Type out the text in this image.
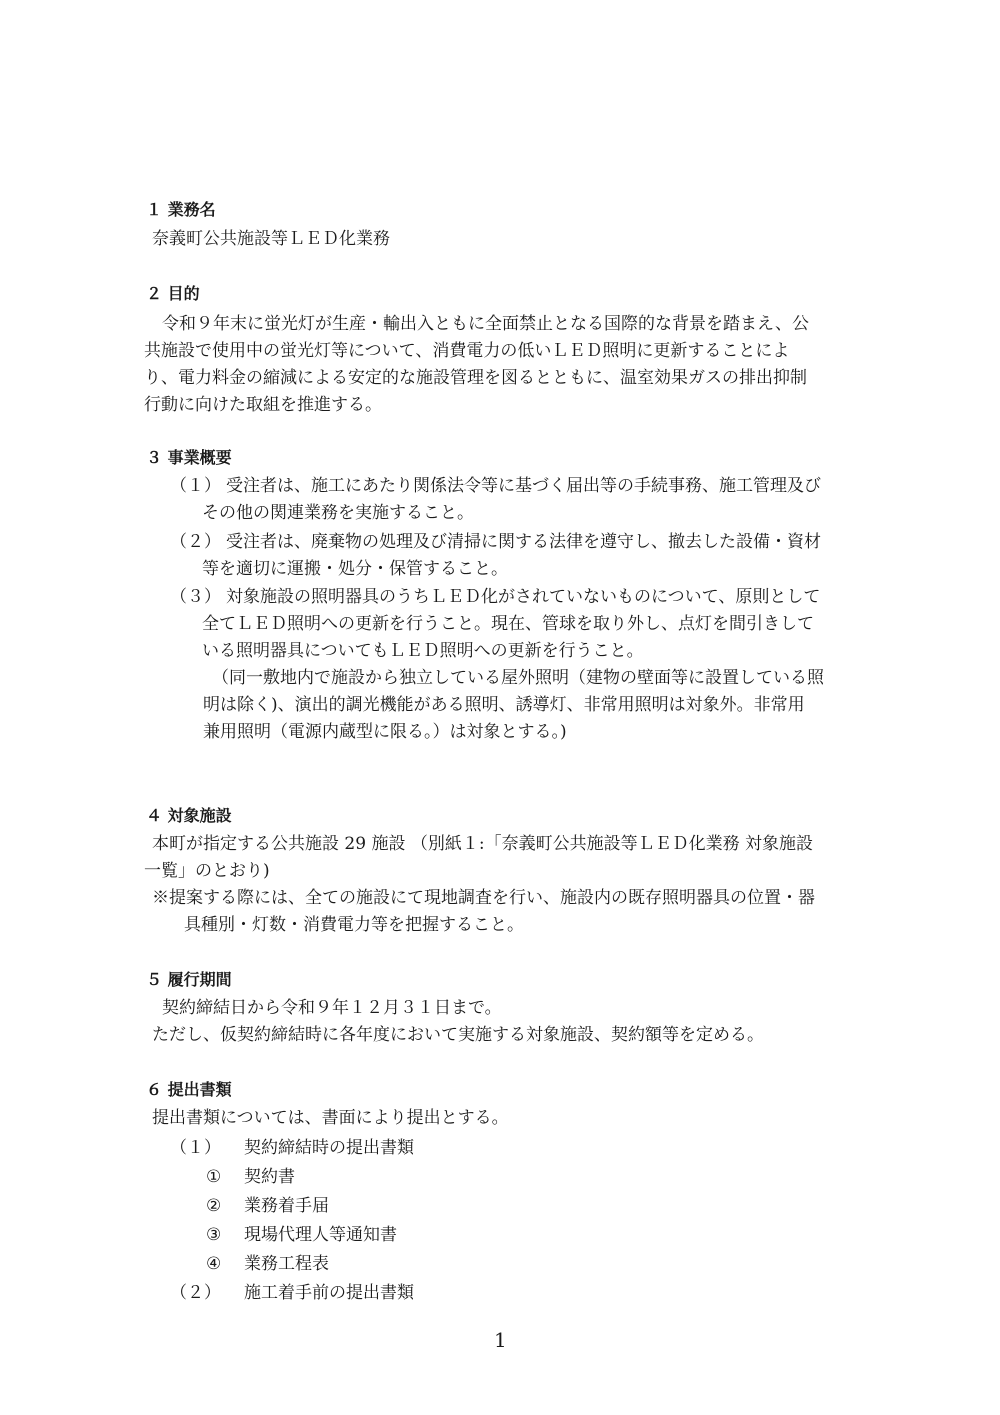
１ 業務名
奈義町公共施設等ＬＥＤ化業務
２ 目的
令和９年末に蛍光灯が生産・輸出入ともに全面禁止となる国際的な背景を踏まえ、公
共施設で使用中の蛍光灯等について、消費電力の低いＬＥＤ照明に更新することによ
り、電力料金の縮減による安定的な施設管理を図るとともに、温室効果ガスの排出抑制
行動に向けた取組を推進する。
３ 事業概要
（１） 受注者は、施工にあたり関係法令等に基づく届出等の手続事務、施工管理及び
その他の関連業務を実施すること。
（２） 受注者は、廃棄物の処理及び清掃に関する法律を遵守し、撤去した設備・資材
等を適切に運搬・処分・保管すること。
（３） 対象施設の照明器具のうちＬＥＤ化がされていないものについて、原則として
全てＬＥＤ照明への更新を行うこと。現在、管球を取り外し、点灯を間引きして
いる照明器具についてもＬＥＤ照明への更新を行うこと。
（同一敷地内で施設から独立している屋外照明（建物の壁面等に設置している照
明は除く)、演出的調光機能がある照明、誘導灯、非常用照明は対象外。非常用
兼用照明（電源内蔵型に限る。）は対象とする。)
４ 対象施設
本町が指定する公共施設 29 施設 （別紙１:「奈義町公共施設等ＬＥＤ化業務 対象施設
一覧」のとおり)
※提案する際には、全ての施設にて現地調査を行い、施設内の既存照明器具の位置・器
具種別・灯数・消費電力等を把握すること。
５ 履行期間
契約締結日から令和９年１２月３１日まで。
ただし、仮契約締結時に各年度において実施する対象施設、契約額等を定める。
６ 提出書類
提出書類については、書面により提出とする。
（１） 契約締結時の提出書類
① 契約書
② 業務着手届
③ 現場代理人等通知書
④ 業務工程表
（２） 施工着手前の提出書類
1
